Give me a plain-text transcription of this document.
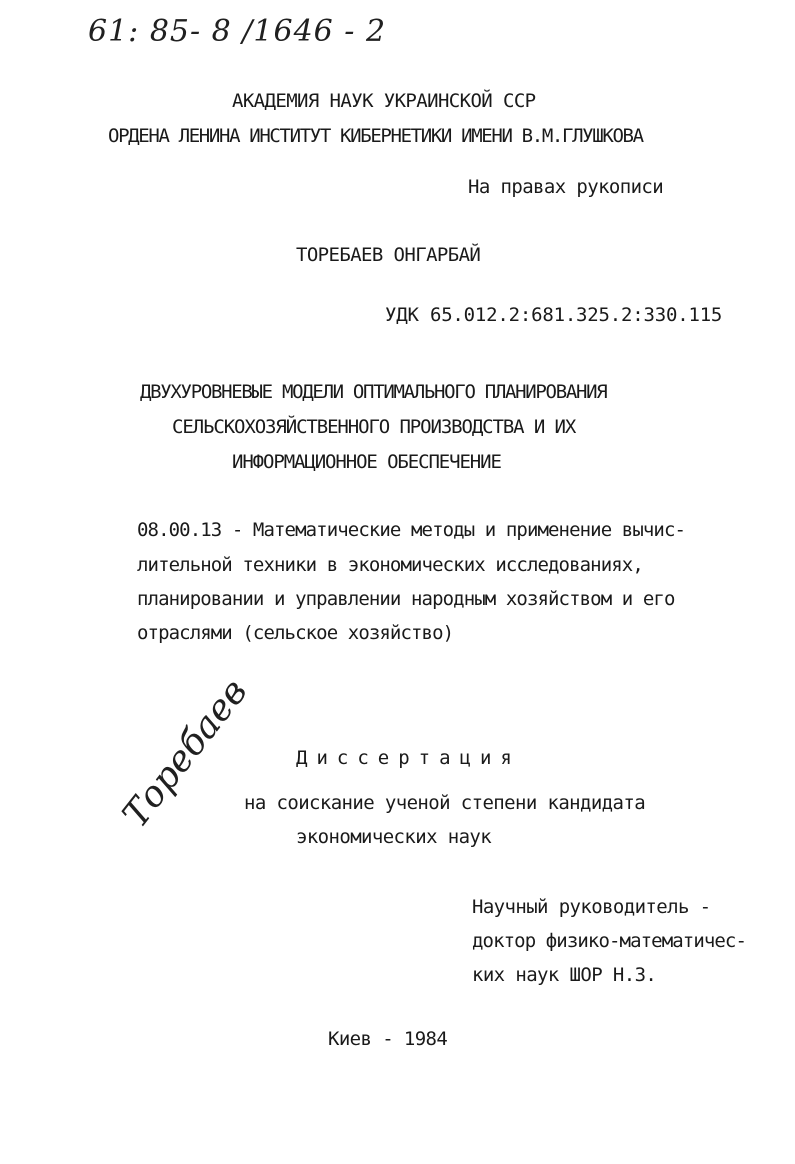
61: 85- 8 /1646 - 2
АКАДЕМИЯ НАУК УКРАИНСКОЙ ССР
ОРДЕНА ЛЕНИНА ИНСТИТУТ КИБЕРНЕТИКИ ИМЕНИ В.М.ГЛУШКОВА
На правах рукописи
ТОРЕБАЕВ ОНГАРБАЙ
УДК 65.012.2:681.325.2:330.115
ДВУХУРОВНЕВЫЕ МОДЕЛИ ОПТИМАЛЬНОГО ПЛАНИРОВАНИЯ
СЕЛЬСКОХОЗЯЙСТВЕННОГО ПРОИЗВОДСТВА И ИХ
ИНФОРМАЦИОННОЕ ОБЕСПЕЧЕНИЕ
08.00.13 - Математические методы и применение вычис-
лительной техники в экономических исследованиях,
планировании и управлении народным хозяйством и его
отраслями (сельское хозяйство)
Торебаев Диссертация
на соискание ученой степени кандидата
экономических наук
Научный руководитель -
доктор физико-математичес-
ких наук ШОР Н.З.
Киев - 1984
